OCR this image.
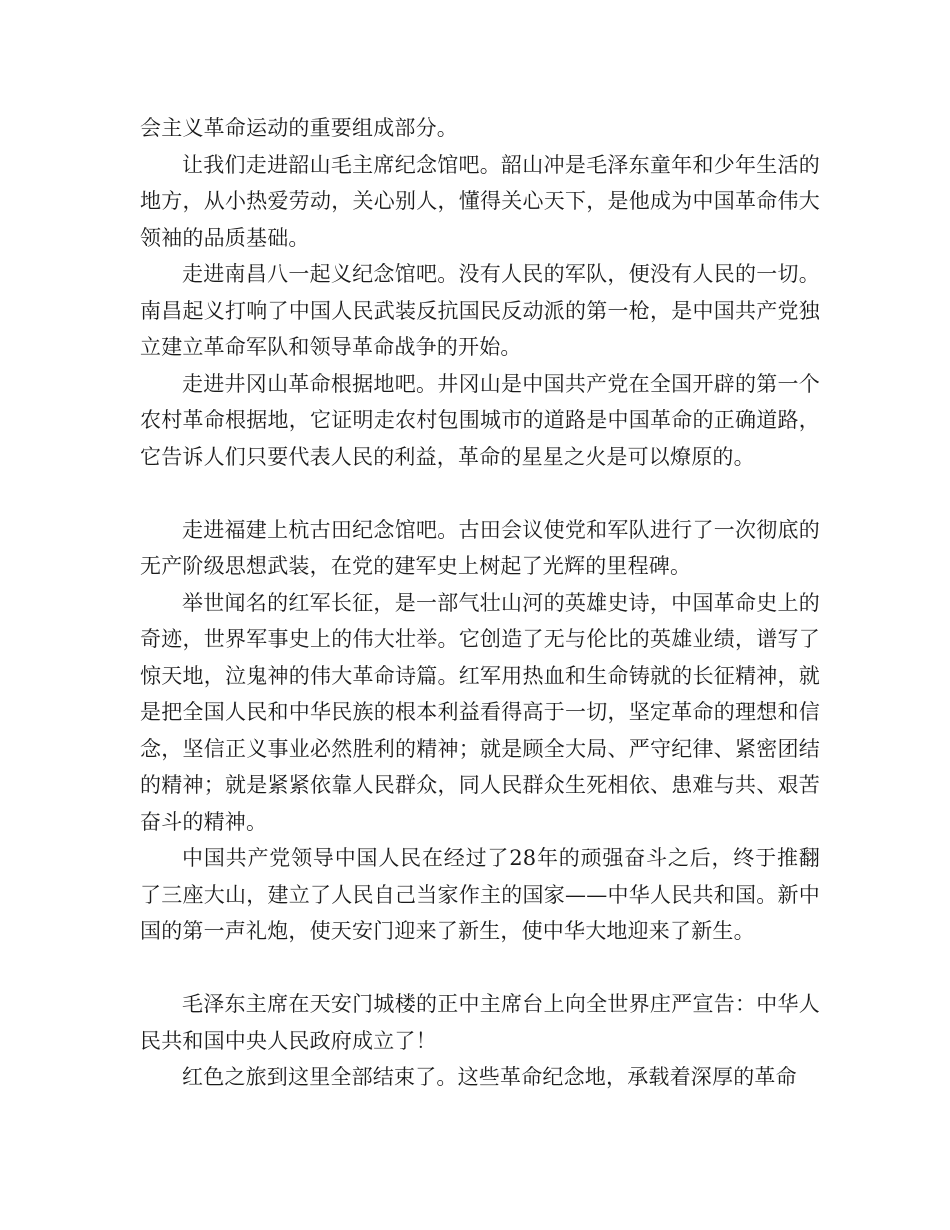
会主义革命运动的重要组成部分。

让我们走进韶山毛主席纪念馆吧。韶山冲是毛泽东童年和少年生活的地方，从小热爱劳动，关心别人，懂得关心天下，是他成为中国革命伟大领袖的品质基础。

走进南昌八一起义纪念馆吧。没有人民的军队，便没有人民的一切。南昌起义打响了中国人民武装反抗国民反动派的第一枪，是中国共产党独立建立革命军队和领导革命战争的开始。

走进井冈山革命根据地吧。井冈山是中国共产党在全国开辟的第一个农村革命根据地，它证明走农村包围城市的道路是中国革命的正确道路，它告诉人们只要代表人民的利益，革命的星星之火是可以燎原的。

走进福建上杭古田纪念馆吧。古田会议使党和军队进行了一次彻底的无产阶级思想武装，在党的建军史上树起了光辉的里程碑。

举世闻名的红军长征，是一部气壮山河的英雄史诗，中国革命史上的奇迹，世界军事史上的伟大壮举。它创造了无与伦比的英雄业绩，谱写了惊天地，泣鬼神的伟大革命诗篇。红军用热血和生命铸就的长征精神，就是把全国人民和中华民族的根本利益看得高于一切，坚定革命的理想和信念，坚信正义事业必然胜利的精神；就是顾全大局、严守纪律、紧密团结的精神；就是紧紧依靠人民群众，同人民群众生死相依、患难与共、艰苦奋斗的精神。

中国共产党领导中国人民在经过了28年的顽强奋斗之后，终于推翻了三座大山，建立了人民自己当家作主的国家——中华人民共和国。新中国的第一声礼炮，使天安门迎来了新生，使中华大地迎来了新生。

毛泽东主席在天安门城楼的正中主席台上向全世界庄严宣告：中华人民共和国中央人民政府成立了！

红色之旅到这里全部结束了。这些革命纪念地，承载着深厚的革命
